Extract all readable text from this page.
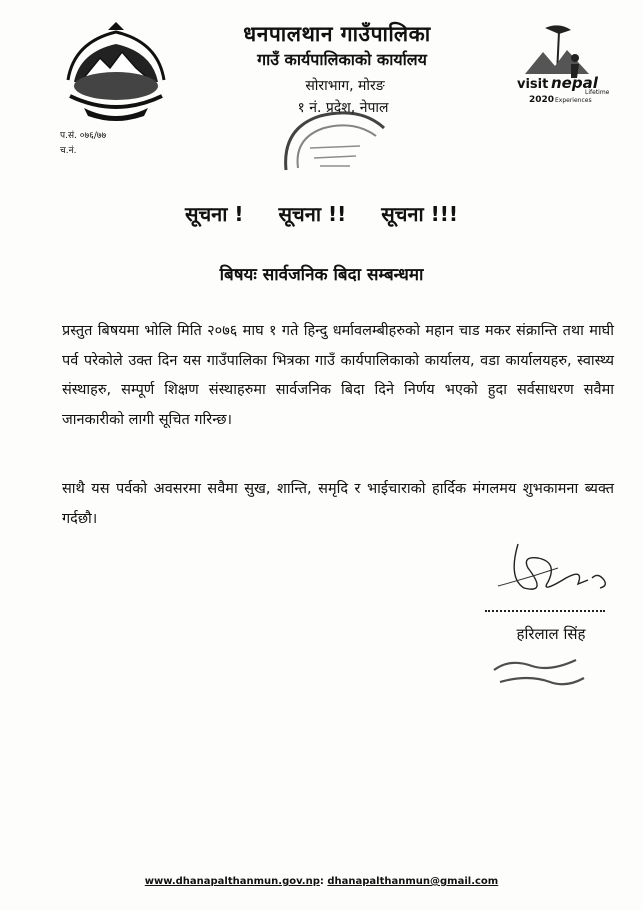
धनपालथान गाउँपालिका
गाउँ कार्यपालिकाको कार्यालय
सोराभाग, मोरङ
१ नं. प्रदेश, नेपाल
प.सं. ०७६/७७
च.नं.
visit nepal
2020
Lifetime
Experiences
सूचना ! सूचना !! सूचना !!!
बिषयः सार्वजनिक बिदा सम्बन्धमा
प्रस्तुत बिषयमा भोलि मिति २०७६ माघ १ गते हिन्दु धर्मावलम्बीहरुको महान चाड मकर संक्रान्ति तथा माघी पर्व परेकोले उक्त दिन यस गाउँपालिका भित्रका गाउँ कार्यपालिकाको कार्यालय, वडा कार्यालयहरु, स्वास्थ्य संस्थाहरु, सम्पूर्ण शिक्षण संस्थाहरुमा सार्वजनिक बिदा दिने निर्णय भएको हुदा सर्वसाधरण सवैमा जानकारीको लागी सूचित गरिन्छ।
साथै यस पर्वको अवसरमा सवैमा सुख, शान्ति, समृदि र भाईचाराको हार्दिक मंगलमय शुभकामना ब्यक्त गर्दछौ।
हरिलाल सिंह
www.dhanapalthanmun.gov.np: dhanapalthanmun@gmail.com
